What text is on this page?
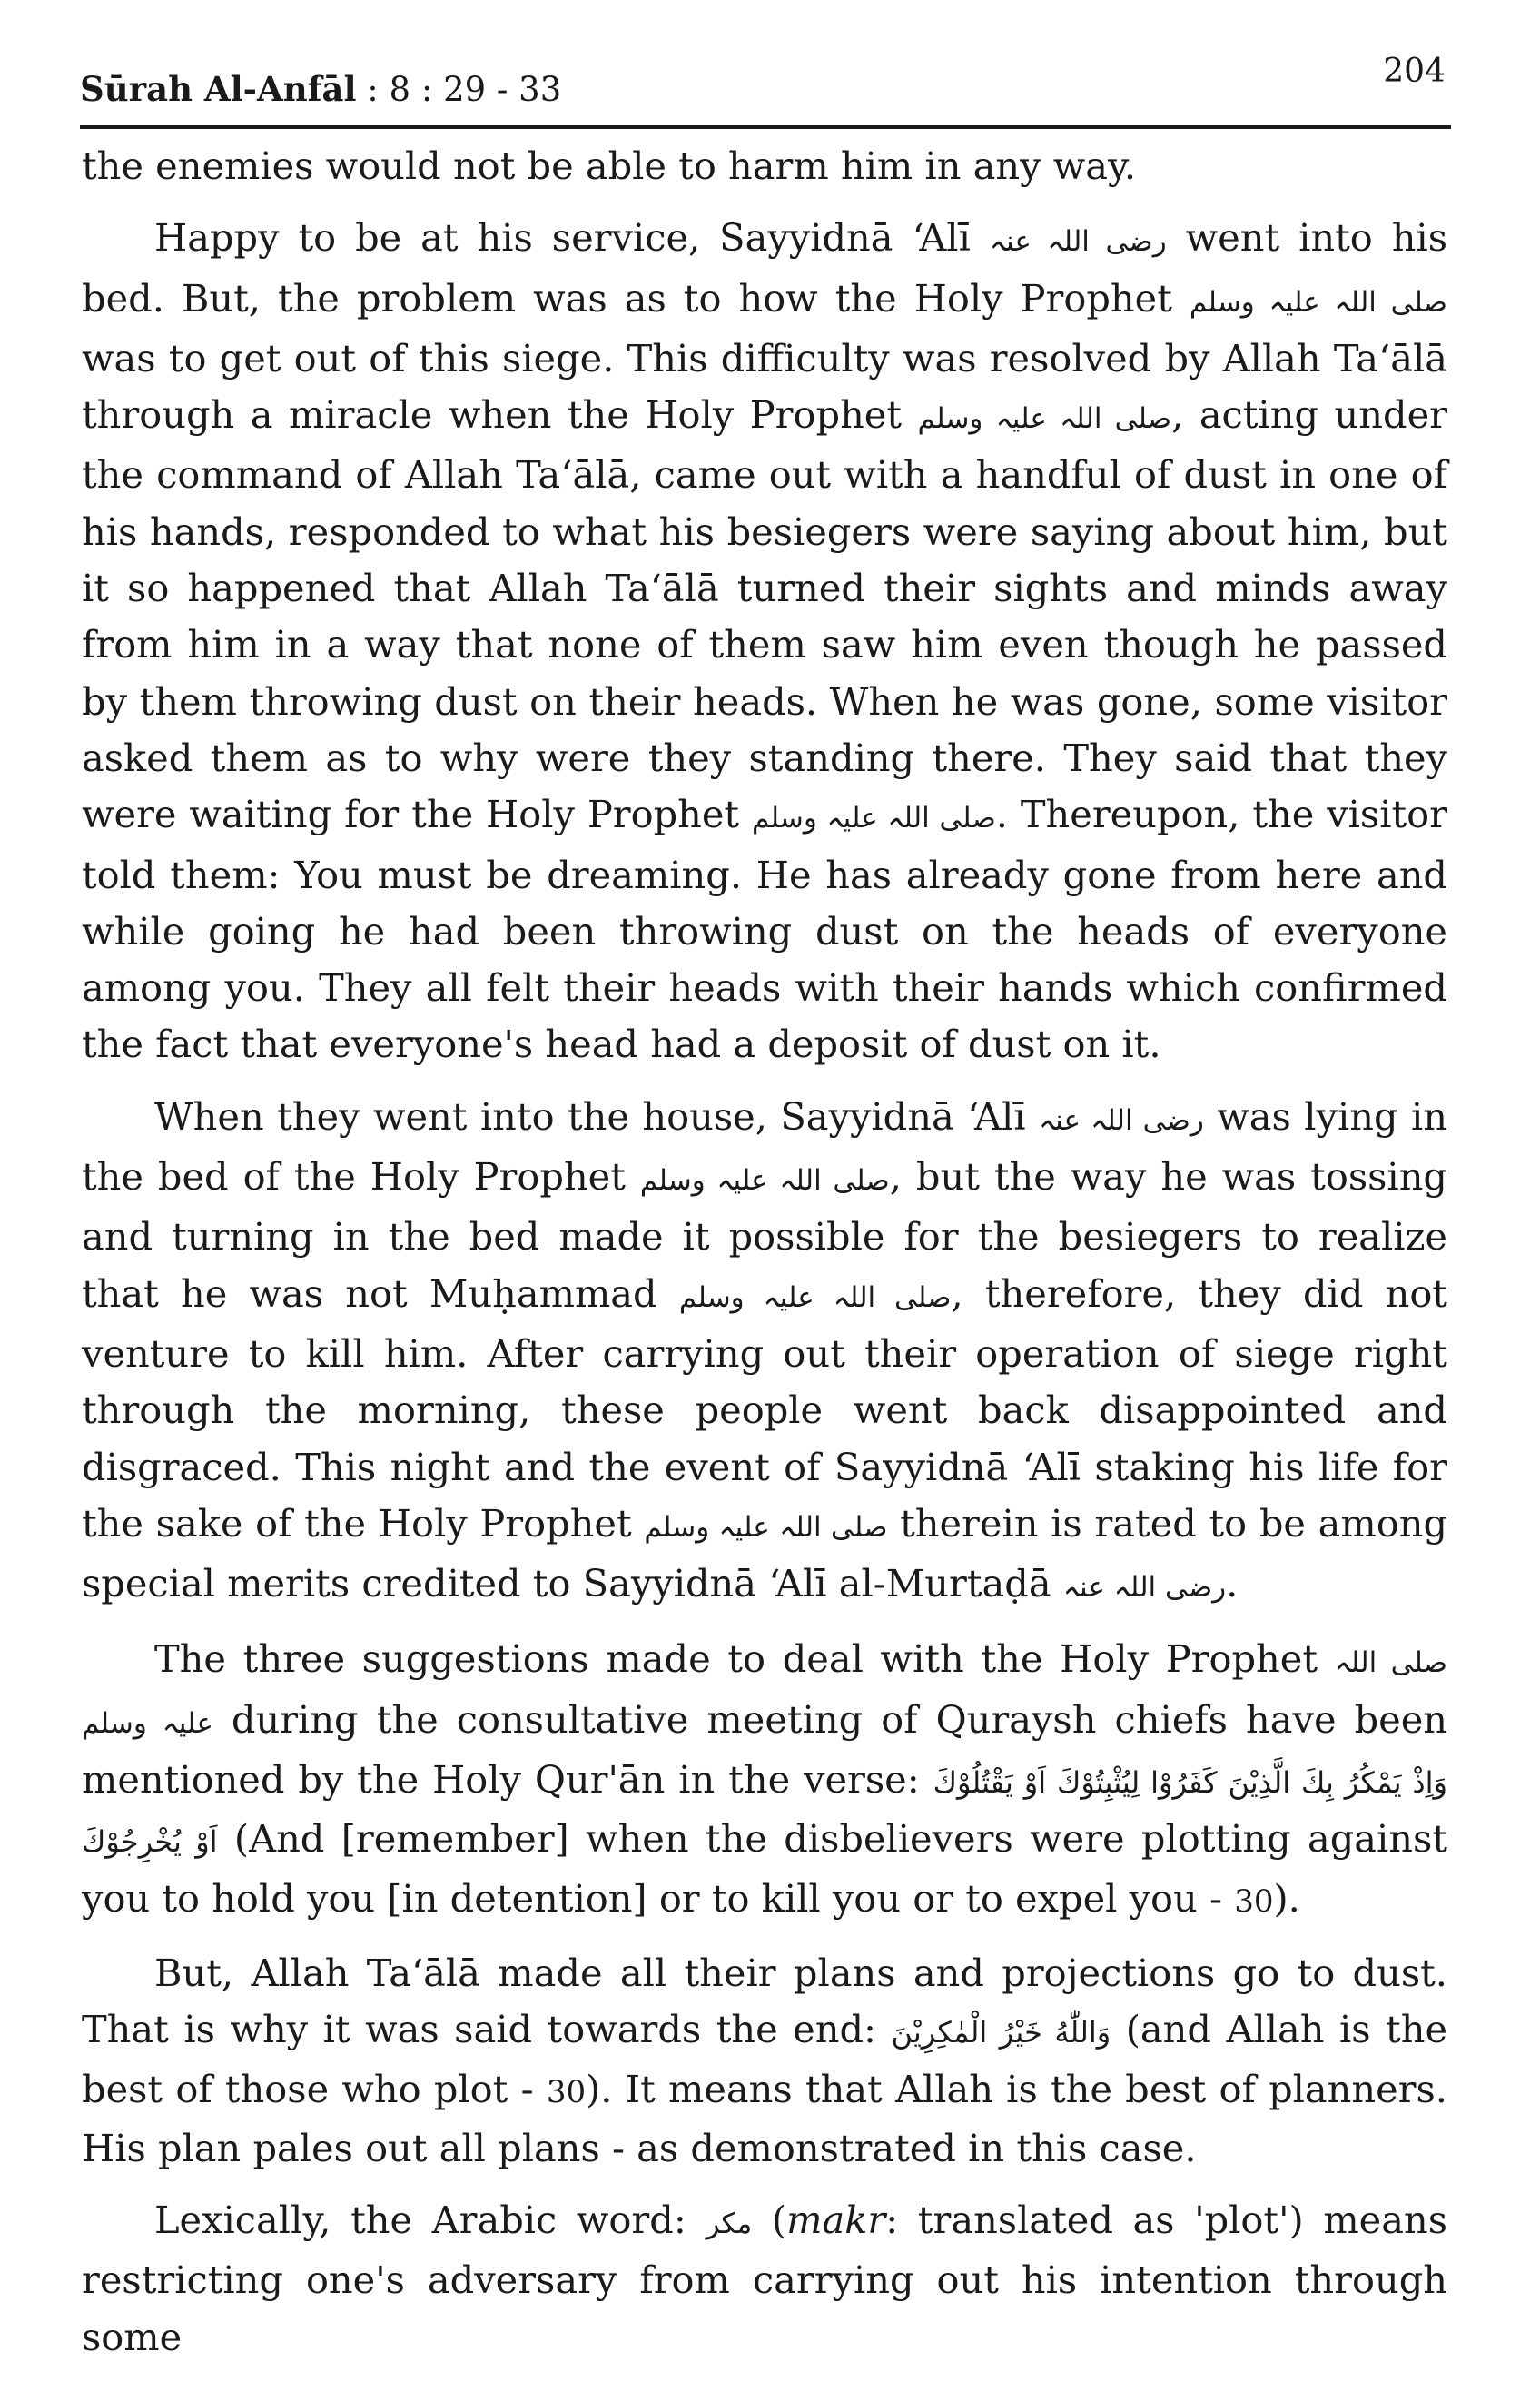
Sūrah Al-Anfāl : 8 : 29 - 33	204

the enemies would not be able to harm him in any way.

Happy to be at his service, Sayyidnā ‘Alī رضی اللہ عنہ went into his bed. But, the problem was as to how the Holy Prophet صلی اللہ علیہ وسلم was to get out of this siege. This difficulty was resolved by Allah Ta‘ālā through a miracle when the Holy Prophet صلی اللہ علیہ وسلم, acting under the command of Allah Ta‘ālā, came out with a handful of dust in one of his hands, responded to what his besiegers were saying about him, but it so happened that Allah Ta‘ālā turned their sights and minds away from him in a way that none of them saw him even though he passed by them throwing dust on their heads. When he was gone, some visitor asked them as to why were they standing there. They said that they were waiting for the Holy Prophet صلی اللہ علیہ وسلم. Thereupon, the visitor told them: You must be dreaming. He has already gone from here and while going he had been throwing dust on the heads of everyone among you. They all felt their heads with their hands which confirmed the fact that everyone's head had a deposit of dust on it.

When they went into the house, Sayyidnā ‘Alī رضی اللہ عنہ was lying in the bed of the Holy Prophet صلی اللہ علیہ وسلم, but the way he was tossing and turning in the bed made it possible for the besiegers to realize that he was not Muḥammad صلی اللہ علیہ وسلم, therefore, they did not venture to kill him. After carrying out their operation of siege right through the morning, these people went back disappointed and disgraced. This night and the event of Sayyidnā ‘Alī staking his life for the sake of the Holy Prophet صلی اللہ علیہ وسلم therein is rated to be among special merits credited to Sayyidnā ‘Alī al-Murtaḍā رضی اللہ عنہ.

The three suggestions made to deal with the Holy Prophet صلی اللہ علیہ وسلم during the consultative meeting of Quraysh chiefs have been mentioned by the Holy Qur'ān in the verse: وَاِذْ يَمْكُرُ بِكَ الَّذِيْنَ كَفَرُوْا لِيُثْبِتُوْكَ اَوْ يَقْتُلُوْكَ اَوْ يُخْرِجُوْكَ (And [remember] when the disbelievers were plotting against you to hold you [in detention] or to kill you or to expel you - 30).

But, Allah Ta‘ālā made all their plans and projections go to dust. That is why it was said towards the end: وَاللّٰهُ خَيْرُ الْمٰكِرِيْنَ (and Allah is the best of those who plot - 30). It means that Allah is the best of planners. His plan pales out all plans - as demonstrated in this case.

Lexically, the Arabic word: مکر (makr: translated as 'plot') means restricting one's adversary from carrying out his intention through some
